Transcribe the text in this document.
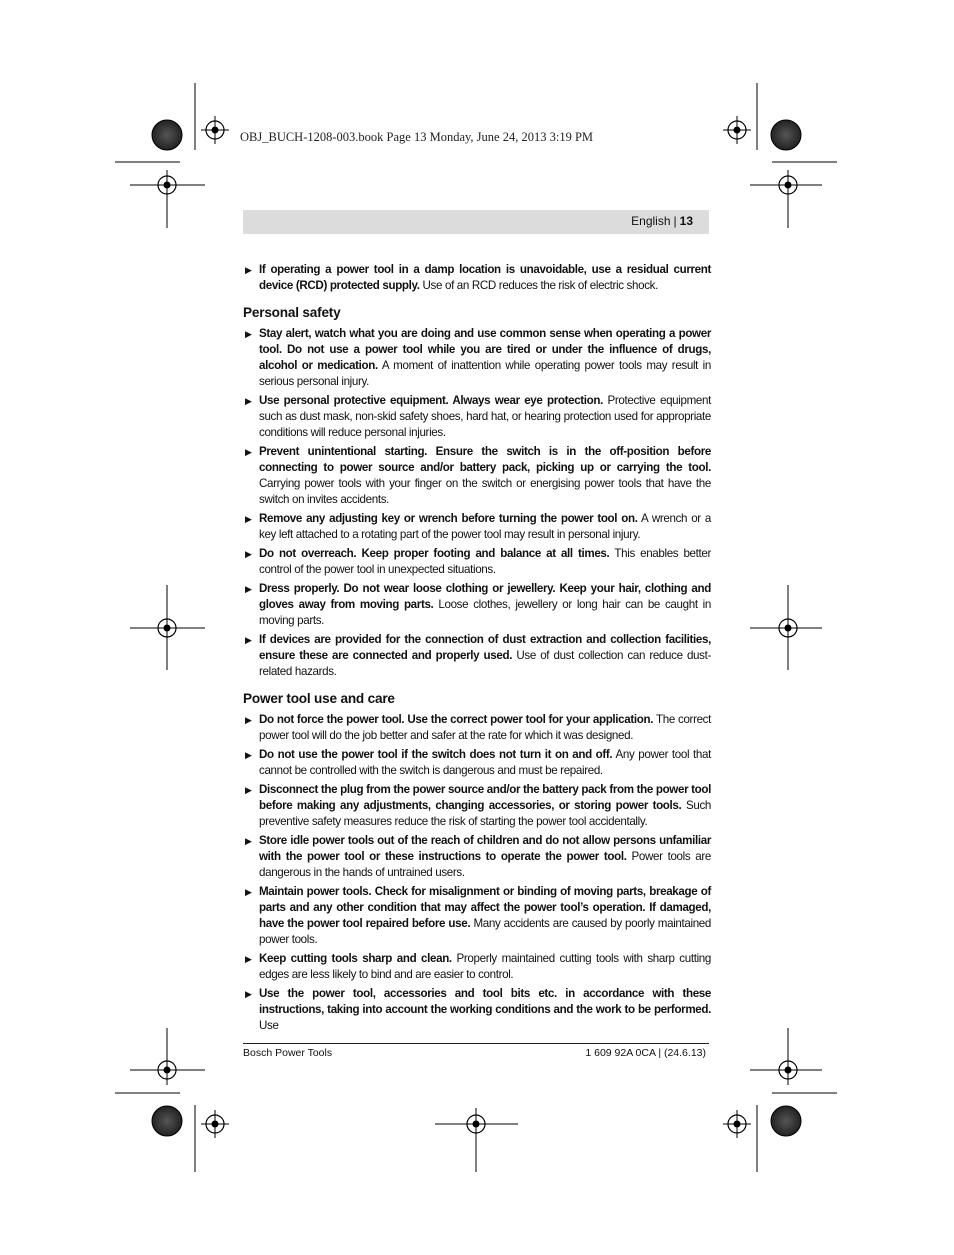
OBJ_BUCH-1208-003.book Page 13 Monday, June 24, 2013 3:19 PM
English | 13
▶ If operating a power tool in a damp location is unavoidable, use a residual current device (RCD) protected supply. Use of an RCD reduces the risk of electric shock.
Personal safety
▶ Stay alert, watch what you are doing and use common sense when operating a power tool. Do not use a power tool while you are tired or under the influence of drugs, alcohol or medication. A moment of inattention while operating power tools may result in serious personal injury.
▶ Use personal protective equipment. Always wear eye protection. Protective equipment such as dust mask, non-skid safety shoes, hard hat, or hearing protection used for appropriate conditions will reduce personal injuries.
▶ Prevent unintentional starting. Ensure the switch is in the off-position before connecting to power source and/or battery pack, picking up or carrying the tool. Carrying power tools with your finger on the switch or energising power tools that have the switch on invites accidents.
▶ Remove any adjusting key or wrench before turning the power tool on. A wrench or a key left attached to a rotating part of the power tool may result in personal injury.
▶ Do not overreach. Keep proper footing and balance at all times. This enables better control of the power tool in unexpected situations.
▶ Dress properly. Do not wear loose clothing or jewellery. Keep your hair, clothing and gloves away from moving parts. Loose clothes, jewellery or long hair can be caught in moving parts.
▶ If devices are provided for the connection of dust extraction and collection facilities, ensure these are connected and properly used. Use of dust collection can reduce dust-related hazards.
Power tool use and care
▶ Do not force the power tool. Use the correct power tool for your application. The correct power tool will do the job better and safer at the rate for which it was designed.
▶ Do not use the power tool if the switch does not turn it on and off. Any power tool that cannot be controlled with the switch is dangerous and must be repaired.
▶ Disconnect the plug from the power source and/or the battery pack from the power tool before making any adjustments, changing accessories, or storing power tools. Such preventive safety measures reduce the risk of starting the power tool accidentally.
▶ Store idle power tools out of the reach of children and do not allow persons unfamiliar with the power tool or these instructions to operate the power tool. Power tools are dangerous in the hands of untrained users.
▶ Maintain power tools. Check for misalignment or binding of moving parts, breakage of parts and any other condition that may affect the power tool’s operation. If damaged, have the power tool repaired before use. Many accidents are caused by poorly maintained power tools.
▶ Keep cutting tools sharp and clean. Properly maintained cutting tools with sharp cutting edges are less likely to bind and are easier to control.
▶ Use the power tool, accessories and tool bits etc. in accordance with these instructions, taking into account the working conditions and the work to be performed. Use
Bosch Power Tools	1 609 92A 0CA | (24.6.13)
